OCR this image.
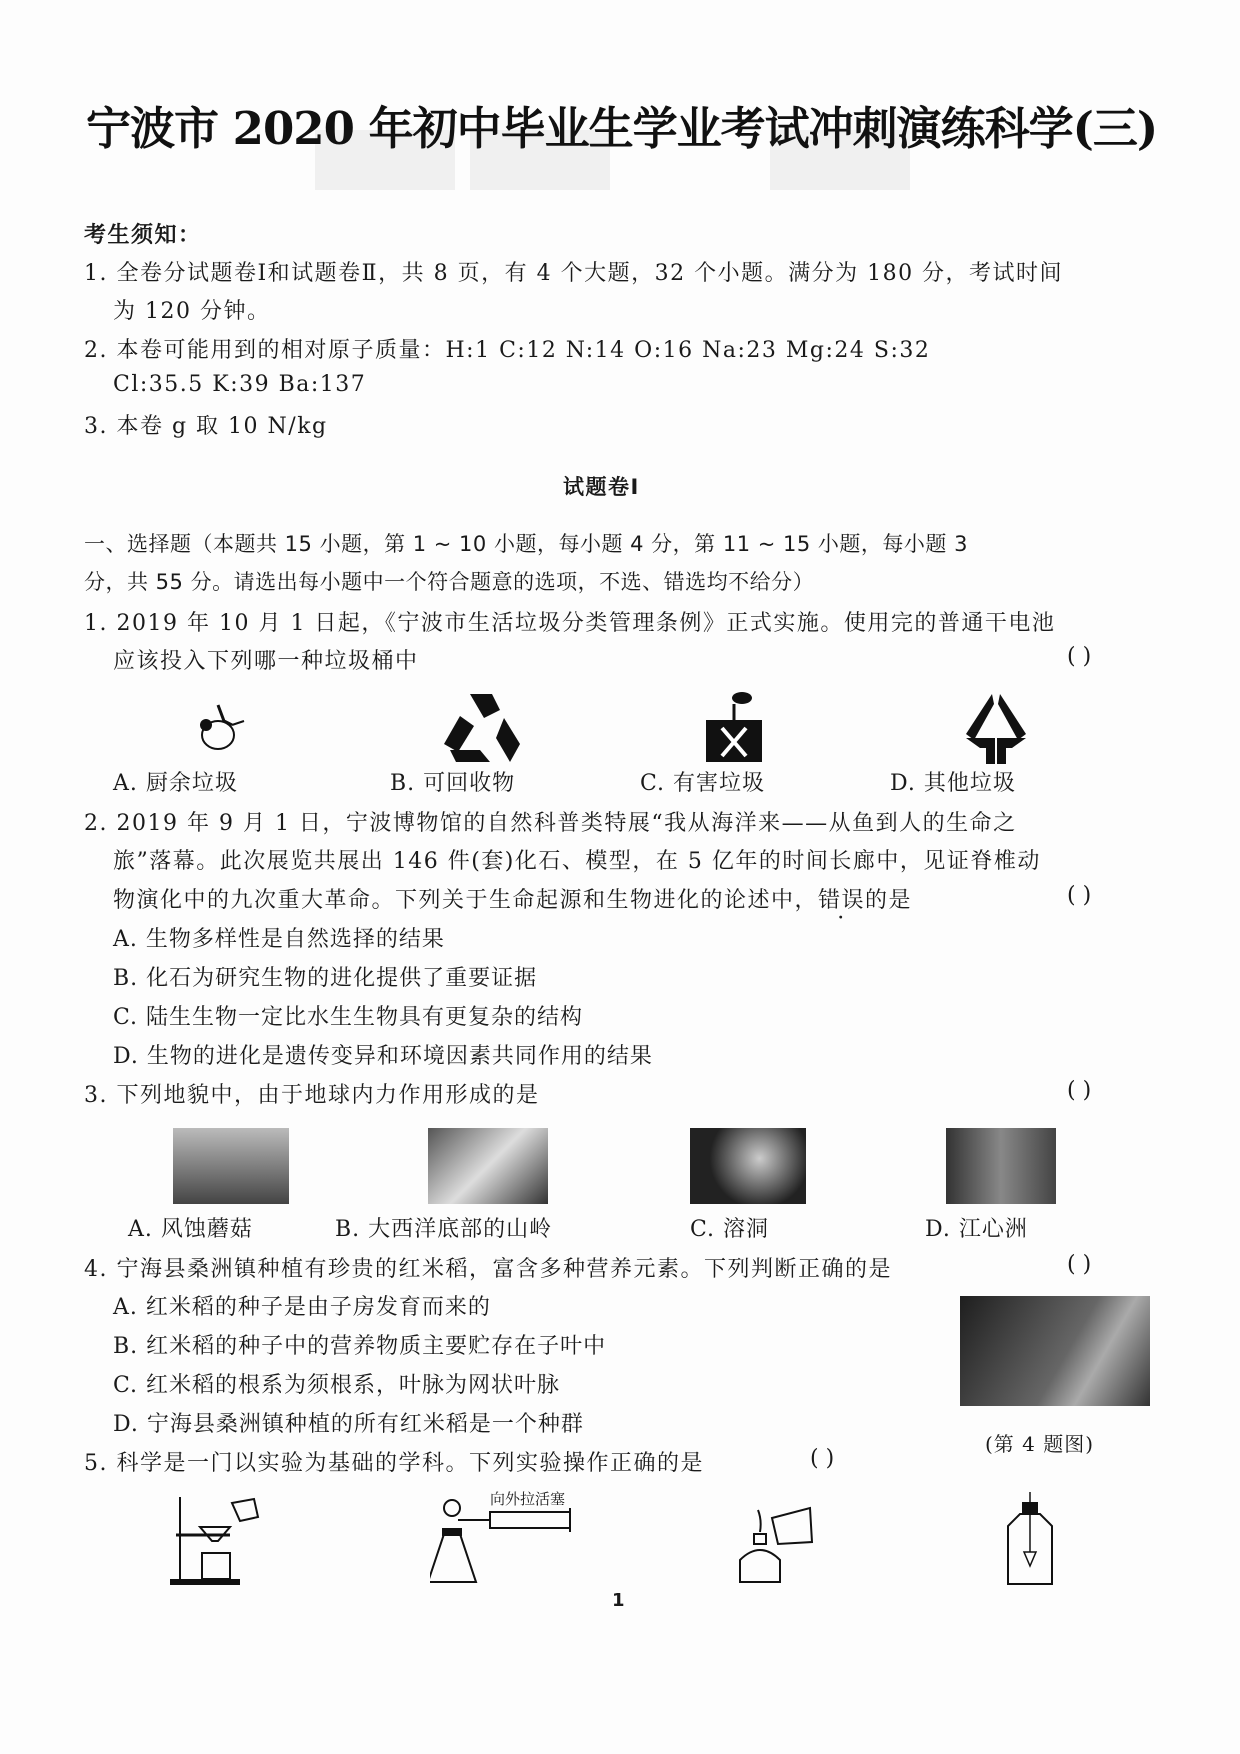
宁波市 2020 年初中毕业生学业考试冲刺演练科学(三)
考生须知：
1. 全卷分试题卷Ⅰ和试题卷Ⅱ，共 8 页，有 4 个大题，32 个小题。满分为 180 分，考试时间
为 120 分钟。
2. 本卷可能用到的相对原子质量：H:1 C:12 N:14 O:16 Na:23 Mg:24 S:32
Cl:35.5 K:39 Ba:137
3. 本卷 g 取 10 N/kg
试题卷Ⅰ
一、选择题（本题共 15 小题，第 1 ~ 10 小题，每小题 4 分，第 11 ~ 15 小题，每小题 3
分，共 55 分。请选出每小题中一个符合题意的选项，不选、错选均不给分）
1. 2019 年 10 月 1 日起，《宁波市生活垃圾分类管理条例》正式实施。使用完的普通干电池
应该投入下列哪一种垃圾桶中	( )
A. 厨余垃圾	B. 可回收物	C. 有害垃圾	D. 其他垃圾
2. 2019 年 9 月 1 日，宁波博物馆的自然科普类特展“我从海洋来——从鱼到人的生命之
旅”落幕。此次展览共展出 146 件(套)化石、模型，在 5 亿年的时间长廊中，见证脊椎动
物演化中的九次重大革命。下列关于生命起源和生物进化的论述中，错误的是	( )
A. 生物多样性是自然选择的结果
B. 化石为研究生物的进化提供了重要证据
C. 陆生生物一定比水生生物具有更复杂的结构
D. 生物的进化是遗传变异和环境因素共同作用的结果
3. 下列地貌中，由于地球内力作用形成的是	( )
A. 风蚀蘑菇	B. 大西洋底部的山岭	C. 溶洞	D. 江心洲
4. 宁海县桑洲镇种植有珍贵的红米稻，富含多种营养元素。下列判断正确的是	( )
A. 红米稻的种子是由子房发育而来的
B. 红米稻的种子中的营养物质主要贮存在子叶中
C. 红米稻的根系为须根系，叶脉为网状叶脉
D. 宁海县桑洲镇种植的所有红米稻是一个种群
(第 4 题图)
5. 科学是一门以实验为基础的学科。下列实验操作正确的是	( )
向外拉活塞
1
